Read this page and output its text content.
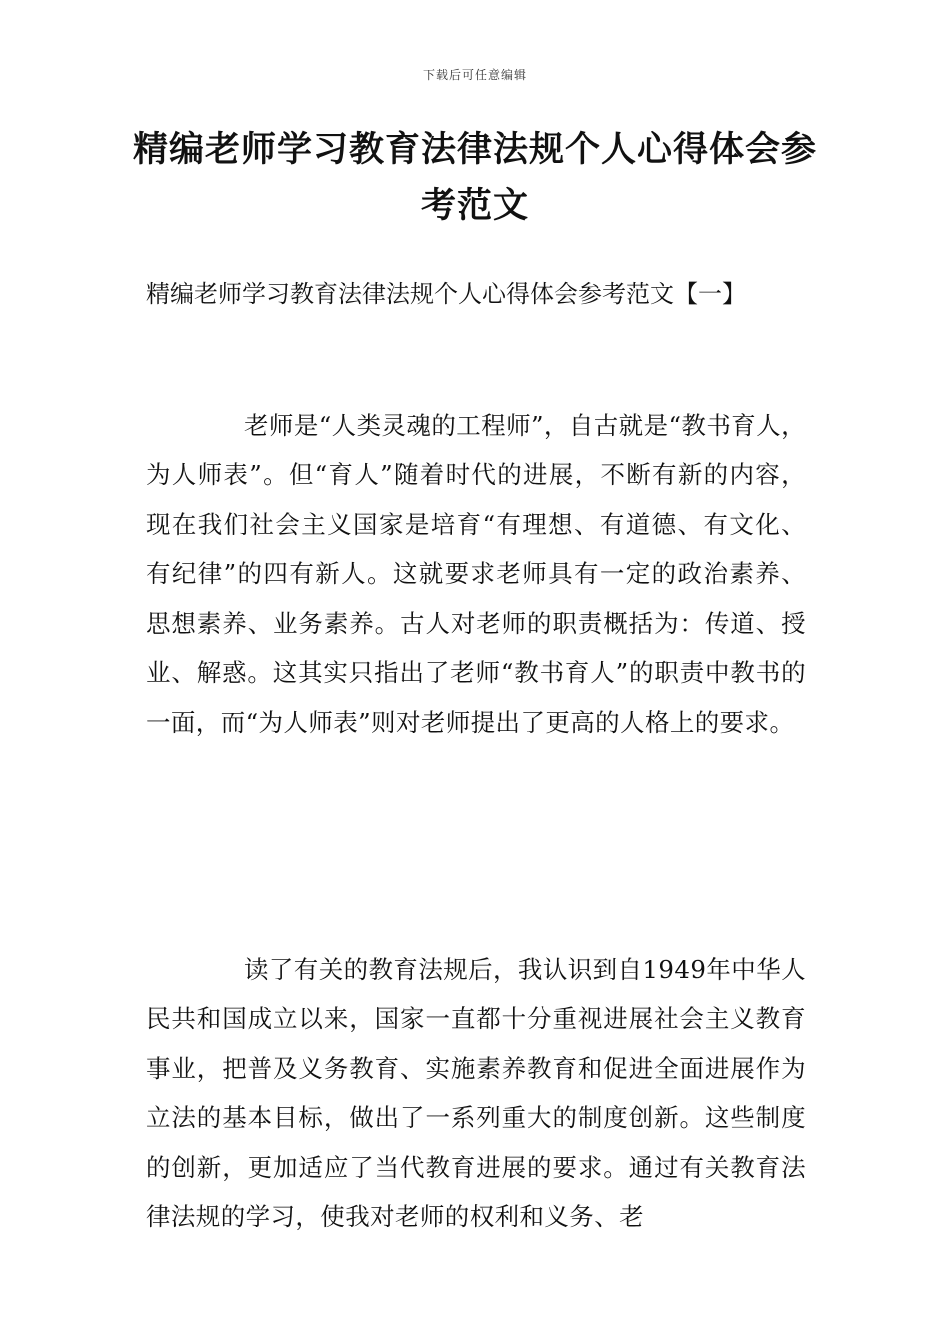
下载后可任意编辑
精编老师学习教育法律法规个人心得体会参考范文
精编老师学习教育法律法规个人心得体会参考范文【一】

老师是“人类灵魂的工程师”，自古就是“教书育人，为人师表”。但“育人”随着时代的进展，不断有新的内容，现在我们社会主义国家是培育“有理想、有道德、有文化、有纪律”的四有新人。这就要求老师具有一定的政治素养、思想素养、业务素养。古人对老师的职责概括为：传道、授业、解惑。这其实只指出了老师“教书育人”的职责中教书的一面，而“为人师表”则对老师提出了更高的人格上的要求。

读了有关的教育法规后，我认识到自1949年中华人民共和国成立以来，国家一直都十分重视进展社会主义教育事业，把普及义务教育、实施素养教育和促进全面进展作为立法的基本目标，做出了一系列重大的制度创新。这些制度的创新，更加适应了当代教育进展的要求。通过有关教育法律法规的学习，使我对老师的权利和义务、老
